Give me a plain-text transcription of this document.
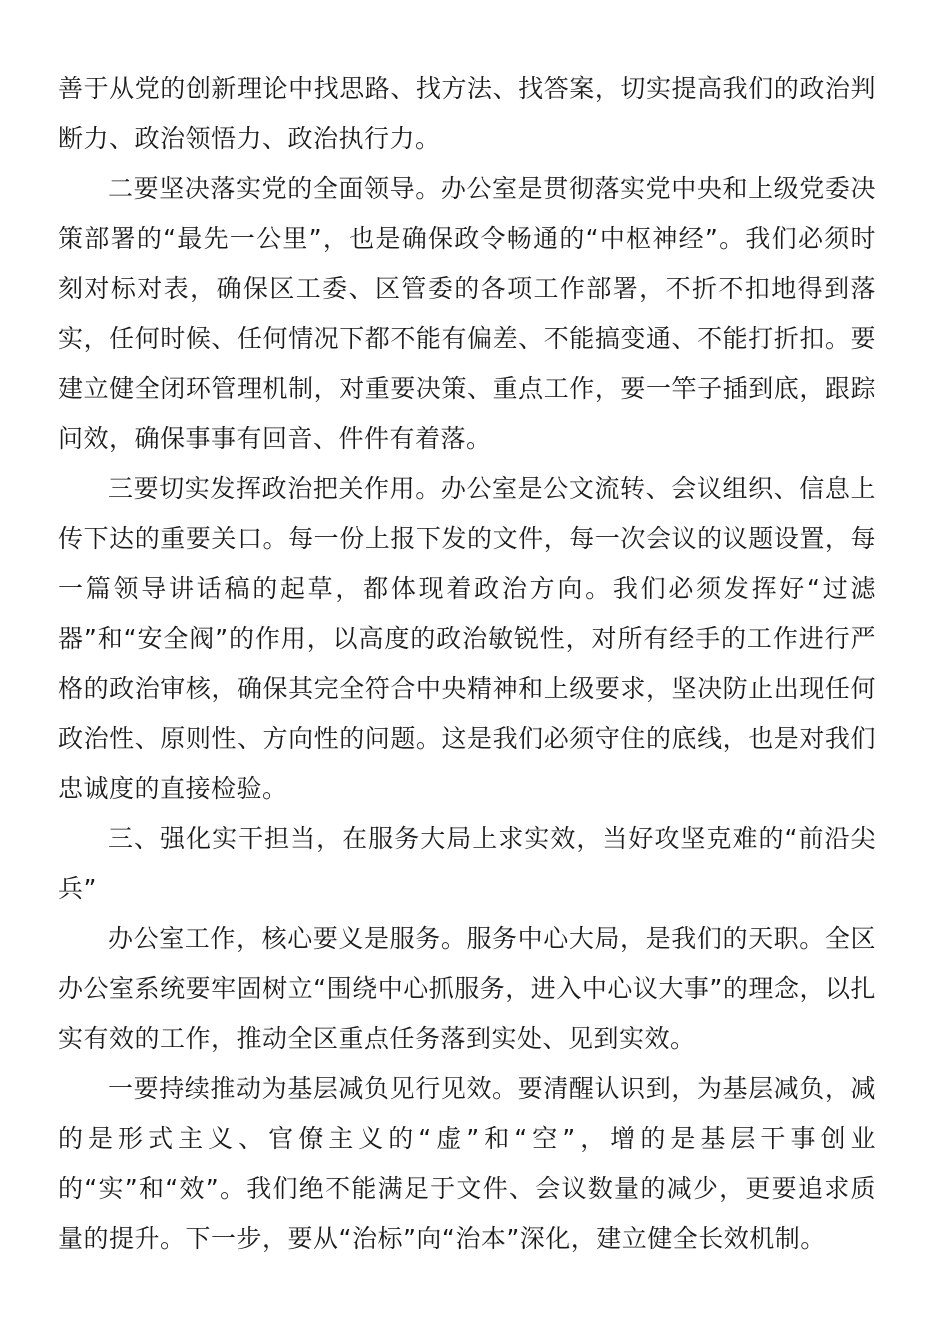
善于从党的创新理论中找思路、找方法、找答案，切实提高我们的政治判断力、政治领悟力、政治执行力。

二要坚决落实党的全面领导。办公室是贯彻落实党中央和上级党委决策部署的“最先一公里”，也是确保政令畅通的“中枢神经”。我们必须时刻对标对表，确保区工委、区管委的各项工作部署，不折不扣地得到落实，任何时候、任何情况下都不能有偏差、不能搞变通、不能打折扣。要建立健全闭环管理机制，对重要决策、重点工作，要一竿子插到底，跟踪问效，确保事事有回音、件件有着落。

三要切实发挥政治把关作用。办公室是公文流转、会议组织、信息上传下达的重要关口。每一份上报下发的文件，每一次会议的议题设置，每一篇领导讲话稿的起草，都体现着政治方向。我们必须发挥好“过滤器”和“安全阀”的作用，以高度的政治敏锐性，对所有经手的工作进行严格的政治审核，确保其完全符合中央精神和上级要求，坚决防止出现任何政治性、原则性、方向性的问题。这是我们必须守住的底线，也是对我们忠诚度的直接检验。

三、强化实干担当，在服务大局上求实效，当好攻坚克难的“前沿尖兵”

办公室工作，核心要义是服务。服务中心大局，是我们的天职。全区办公室系统要牢固树立“围绕中心抓服务，进入中心议大事”的理念，以扎实有效的工作，推动全区重点任务落到实处、见到实效。

一要持续推动为基层减负见行见效。要清醒认识到，为基层减负，减的是形式主义、官僚主义的“虚”和“空”，增的是基层干事创业的“实”和“效”。我们绝不能满足于文件、会议数量的减少，更要追求质量的提升。下一步，要从“治标”向“治本”深化，建立健全长效机制。
